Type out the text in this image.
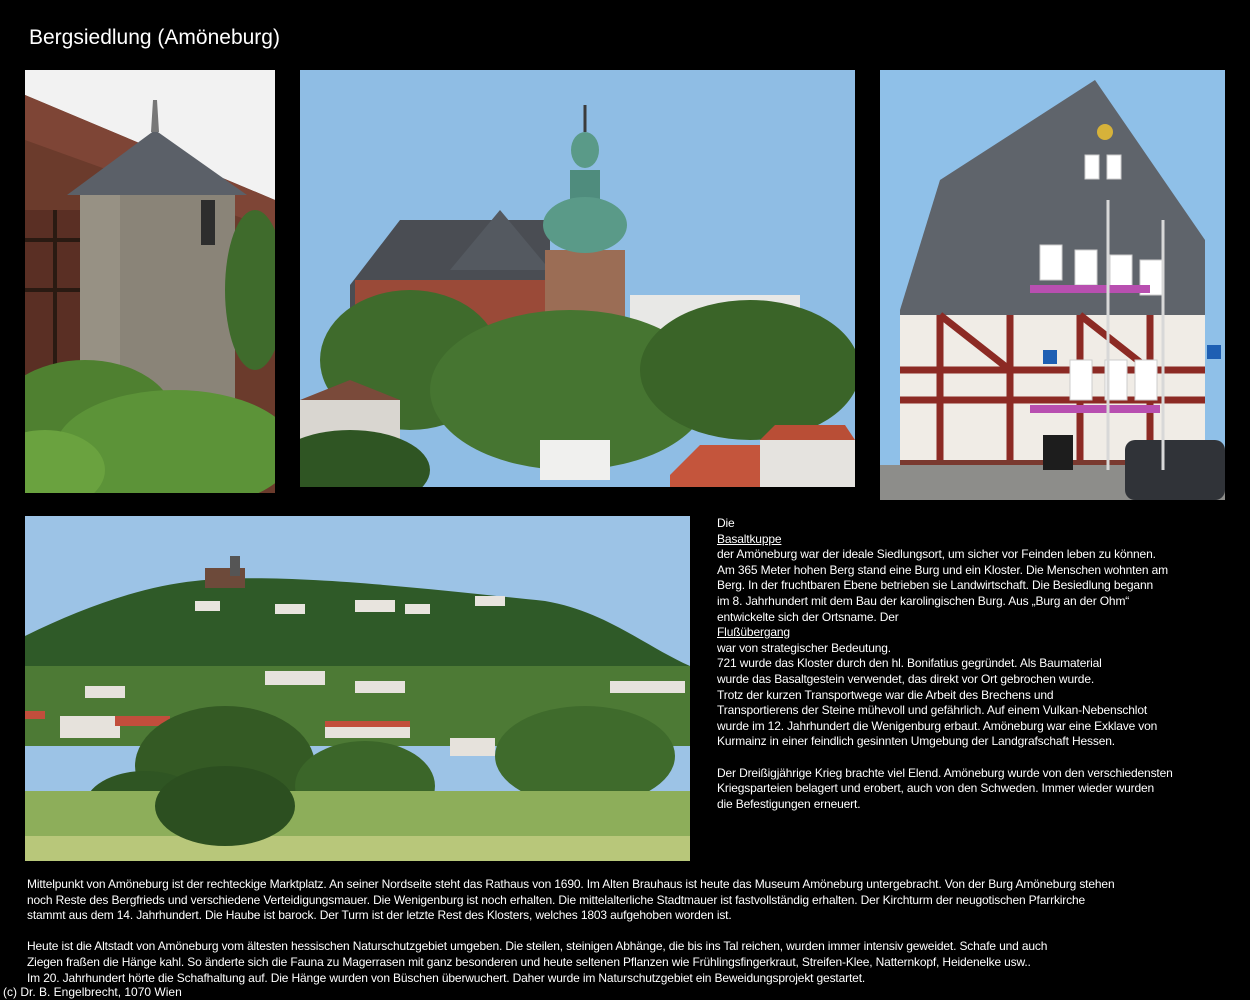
Bergsiedlung (Amöneburg)
Die
Basaltkuppe
der Amöneburg war der ideale Siedlungsort, um sicher vor Feinden leben zu können.
Am 365 Meter hohen Berg stand eine Burg und ein Kloster. Die Menschen wohnten am
Berg. In der fruchtbaren Ebene betrieben sie Landwirtschaft. Die Besiedlung begann
im 8. Jahrhundert mit dem Bau der karolingischen Burg. Aus „Burg an der Ohm“
entwickelte sich der Ortsname. Der
Flußübergang
war von strategischer Bedeutung.
721 wurde das Kloster durch den hl. Bonifatius gegründet. Als Baumaterial
wurde das Basaltgestein verwendet, das direkt vor Ort gebrochen wurde.
Trotz der kurzen Transportwege war die Arbeit des Brechens und
Transportierens der Steine mühevoll und gefährlich. Auf einem Vulkan-Nebenschlot
wurde im 12. Jahrhundert die Wenigenburg erbaut. Amöneburg war eine Exklave von
Kurmainz in einer feindlich gesinnten Umgebung der Landgrafschaft Hessen.
Der Dreißigjährige Krieg brachte viel Elend. Amöneburg wurde von den verschiedensten
Kriegsparteien belagert und erobert, auch von den Schweden. Immer wieder wurden
die Befestigungen erneuert.
Mittelpunkt von Amöneburg ist der rechteckige Marktplatz. An seiner Nordseite steht das Rathaus von 1690. Im Alten Brauhaus ist heute das Museum Amöneburg untergebracht. Von der Burg Amöneburg stehen
noch Reste des Bergfrieds und verschiedene Verteidigungsmauer. Die Wenigenburg ist noch erhalten. Die mittelalterliche Stadtmauer ist fastvollständig erhalten. Der Kirchturm der neugotischen Pfarrkirche
stammt aus dem 14. Jahrhundert. Die Haube ist barock. Der Turm ist der letzte Rest des Klosters, welches 1803 aufgehoben worden ist.
Heute ist die Altstadt von Amöneburg vom ältesten hessischen Naturschutzgebiet umgeben. Die steilen, steinigen Abhänge, die bis ins Tal reichen, wurden immer intensiv geweidet. Schafe und auch
Ziegen fraßen die Hänge kahl. So änderte sich die Fauna zu Magerrasen mit ganz besonderen und heute seltenen Pflanzen wie Frühlingsfingerkraut, Streifen-Klee, Natternkopf, Heidenelke usw..
Im 20. Jahrhundert hörte die Schafhaltung auf. Die Hänge wurden von Büschen überwuchert. Daher wurde im Naturschutzgebiet ein Beweidungsprojekt gestartet.
(c) Dr. B. Engelbrecht, 1070 Wien
